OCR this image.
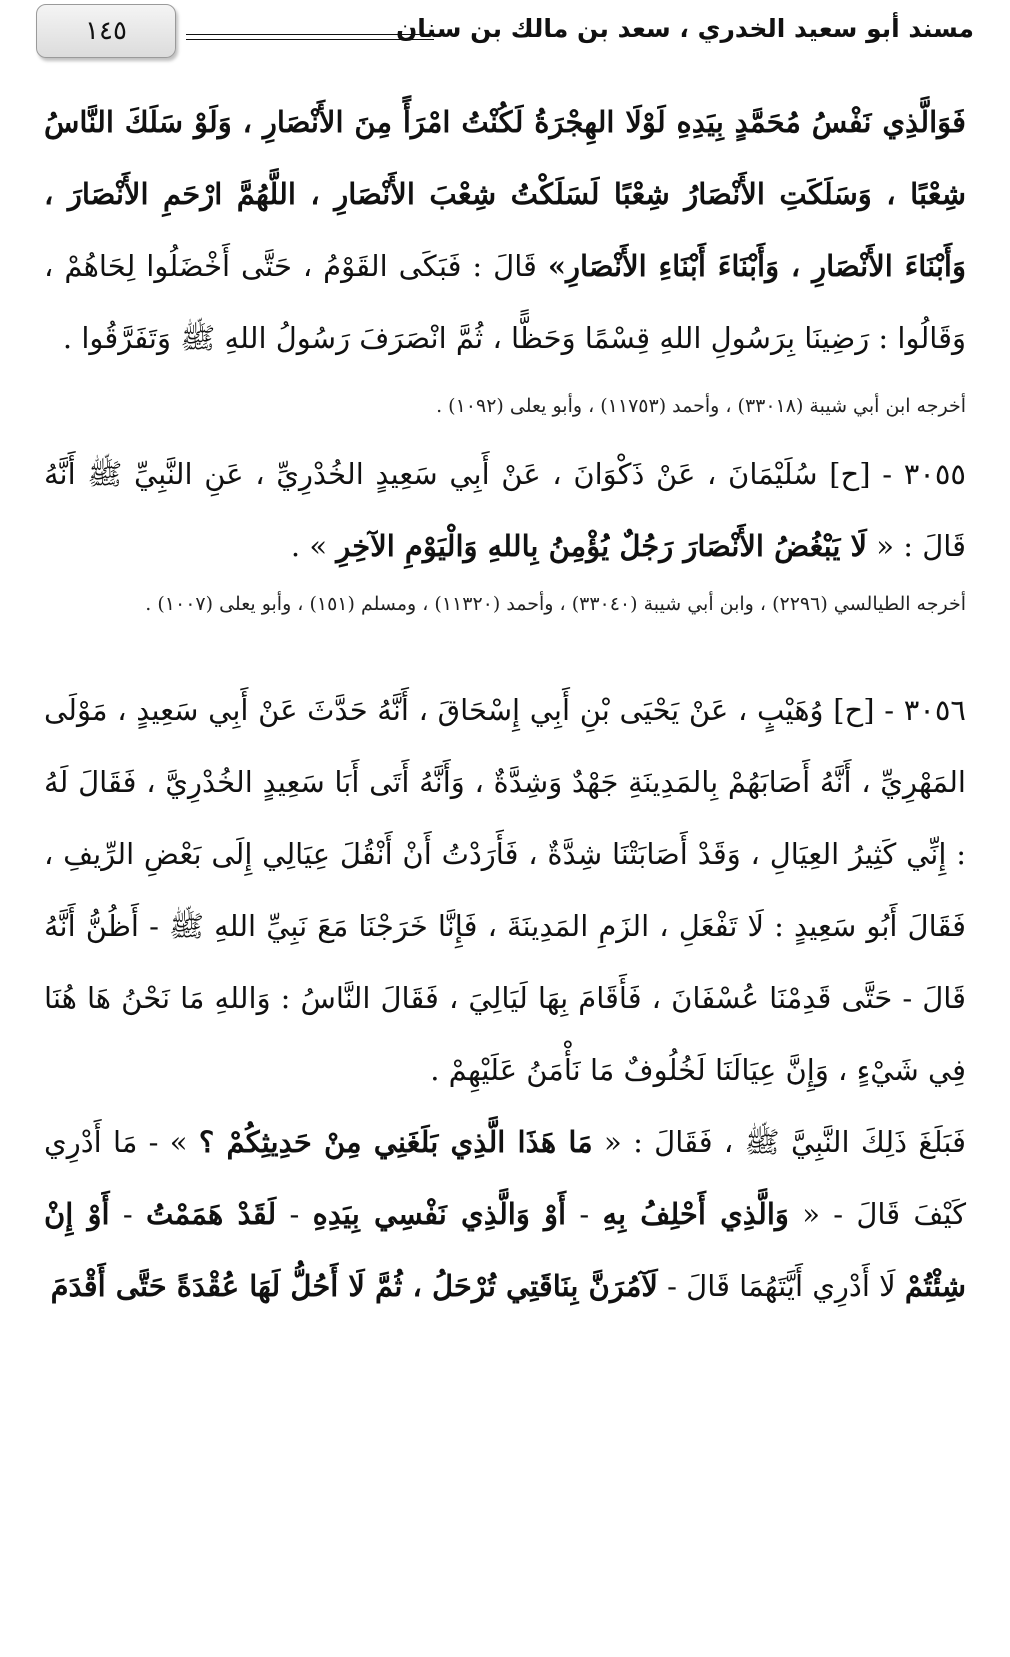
١٤٥	مسند أبو سعيد الخدري ، سعد بن مالك بن سنان

فَوَالَّذِي نَفْسُ مُحَمَّدٍ بِيَدِهِ لَوْلَا الهِجْرَةُ لَكُنْتُ امْرَأً مِنَ الأَنْصَارِ ، وَلَوْ سَلَكَ النَّاسُ شِعْبًا ، وَسَلَكَتِ الأَنْصَارُ شِعْبًا لَسَلَكْتُ شِعْبَ الأَنْصَارِ ، اللَّهُمَّ ارْحَمِ الأَنْصَارَ ، وَأَبْنَاءَ الأَنْصَارِ ، وَأَبْنَاءَ أَبْنَاءِ الأَنْصَارِ» قَالَ : فَبَكَى القَوْمُ ، حَتَّى أَخْضَلُوا لِحَاهُمْ ، وَقَالُوا : رَضِينَا بِرَسُولِ اللهِ قِسْمًا وَحَظًّا ، ثُمَّ انْصَرَفَ رَسُولُ اللهِ ﷺ وَتَفَرَّقُوا .

أخرجه ابن أبي شيبة (٣٣٠١٨) ، وأحمد (١١٧٥٣) ، وأبو يعلى (١٠٩٢) .

٣٠٥٥ - [ح] سُلَيْمَانَ ، عَنْ ذَكْوَانَ ، عَنْ أَبِي سَعِيدٍ الخُدْرِيِّ ، عَنِ النَّبِيِّ ﷺ أَنَّهُ قَالَ : « لَا يَبْغُضُ الأَنْصَارَ رَجُلٌ يُؤْمِنُ بِاللهِ وَالْيَوْمِ الآخِرِ » .

أخرجه الطيالسي (٢٢٩٦) ، وابن أبي شيبة (٣٣٠٤٠) ، وأحمد (١١٣٢٠) ، ومسلم (١٥١) ، وأبو يعلى (١٠٠٧) .

٣٠٥٦ - [ح] وُهَيْبٍ ، عَنْ يَحْيَى بْنِ أَبِي إِسْحَاقَ ، أَنَّهُ حَدَّثَ عَنْ أَبِي سَعِيدٍ ، مَوْلَى المَهْرِيِّ ، أَنَّهُ أَصَابَهُمْ بِالمَدِينَةِ جَهْدٌ وَشِدَّةٌ ، وَأَنَّهُ أَتَى أَبَا سَعِيدٍ الخُدْرِيَّ ، فَقَالَ لَهُ : إِنِّي كَثِيرُ العِيَالِ ، وَقَدْ أَصَابَتْنَا شِدَّةٌ ، فَأَرَدْتُ أَنْ أَنْقُلَ عِيَالِي إِلَى بَعْضِ الرِّيفِ ، فَقَالَ أَبُو سَعِيدٍ : لَا تَفْعَلِ ، الزَمِ المَدِينَةَ ، فَإِنَّا خَرَجْنَا مَعَ نَبِيِّ اللهِ ﷺ - أَظُنُّ أَنَّهُ قَالَ - حَتَّى قَدِمْنَا عُسْفَانَ ، فَأَقَامَ بِهَا لَيَالِيَ ، فَقَالَ النَّاسُ : وَاللهِ مَا نَحْنُ هَا هُنَا فِي شَيْءٍ ، وَإِنَّ عِيَالَنَا لَخُلُوفٌ مَا نَأْمَنُ عَلَيْهِمْ .

فَبَلَغَ ذَلِكَ النَّبِيَّ ﷺ ، فَقَالَ : « مَا هَذَا الَّذِي بَلَغَنِي مِنْ حَدِيثِكُمْ ؟ » - مَا أَدْرِي كَيْفَ قَالَ - « وَالَّذِي أَحْلِفُ بِهِ - أَوْ وَالَّذِي نَفْسِي بِيَدِهِ - لَقَدْ هَمَمْتُ - أَوْ إِنْ شِئْتُمْ لَا أَدْرِي أَيَّتَهُمَا قَالَ - لَآمُرَنَّ بِنَاقَتِي تُرْحَلُ ، ثُمَّ لَا أَحُلُّ لَهَا عُقْدَةً حَتَّى أَقْدَمَ
